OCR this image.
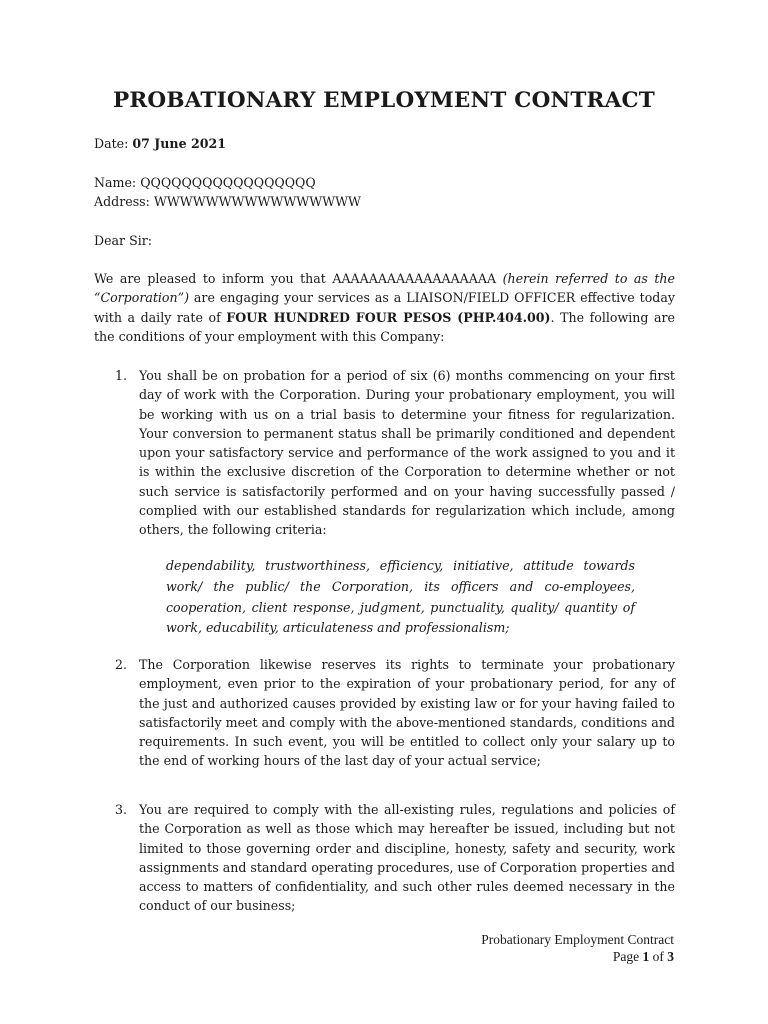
PROBATIONARY EMPLOYMENT CONTRACT
Date: 07 June 2021
Name: QQQQQQQQQQQQQQQQQ
Address: WWWWWWWWWWWWWWWW
Dear Sir:

We are pleased to inform you that AAAAAAAAAAAAAAAAAA (herein referred to as the “Corporation”) are engaging your services as a LIAISON/FIELD OFFICER effective today with a daily rate of FOUR HUNDRED FOUR PESOS (PHP.404.00). The following are the conditions of your employment with this Company:

1. You shall be on probation for a period of six (6) months commencing on your first day of work with the Corporation. During your probationary employment, you will be working with us on a trial basis to determine your fitness for regularization. Your conversion to permanent status shall be primarily conditioned and dependent upon your satisfactory service and performance of the work assigned to you and it is within the exclusive discretion of the Corporation to determine whether or not such service is satisfactorily performed and on your having successfully passed / complied with our established standards for regularization which include, among others, the following criteria:

dependability, trustworthiness, efficiency, initiative, attitude towards work/ the public/ the Corporation, its officers and co-employees, cooperation, client response, judgment, punctuality, quality/ quantity of work, educability, articulateness and professionalism;

2. The Corporation likewise reserves its rights to terminate your probationary employment, even prior to the expiration of your probationary period, for any of the just and authorized causes provided by existing law or for your having failed to satisfactorily meet and comply with the above-mentioned standards, conditions and requirements. In such event, you will be entitled to collect only your salary up to the end of working hours of the last day of your actual service;
3. You are required to comply with the all-existing rules, regulations and policies of the Corporation as well as those which may hereafter be issued, including but not limited to those governing order and discipline, honesty, safety and security, work assignments and standard operating procedures, use of Corporation properties and access to matters of confidentiality, and such other rules deemed necessary in the conduct of our business;
Probationary Employment Contract
Page 1 of 3
